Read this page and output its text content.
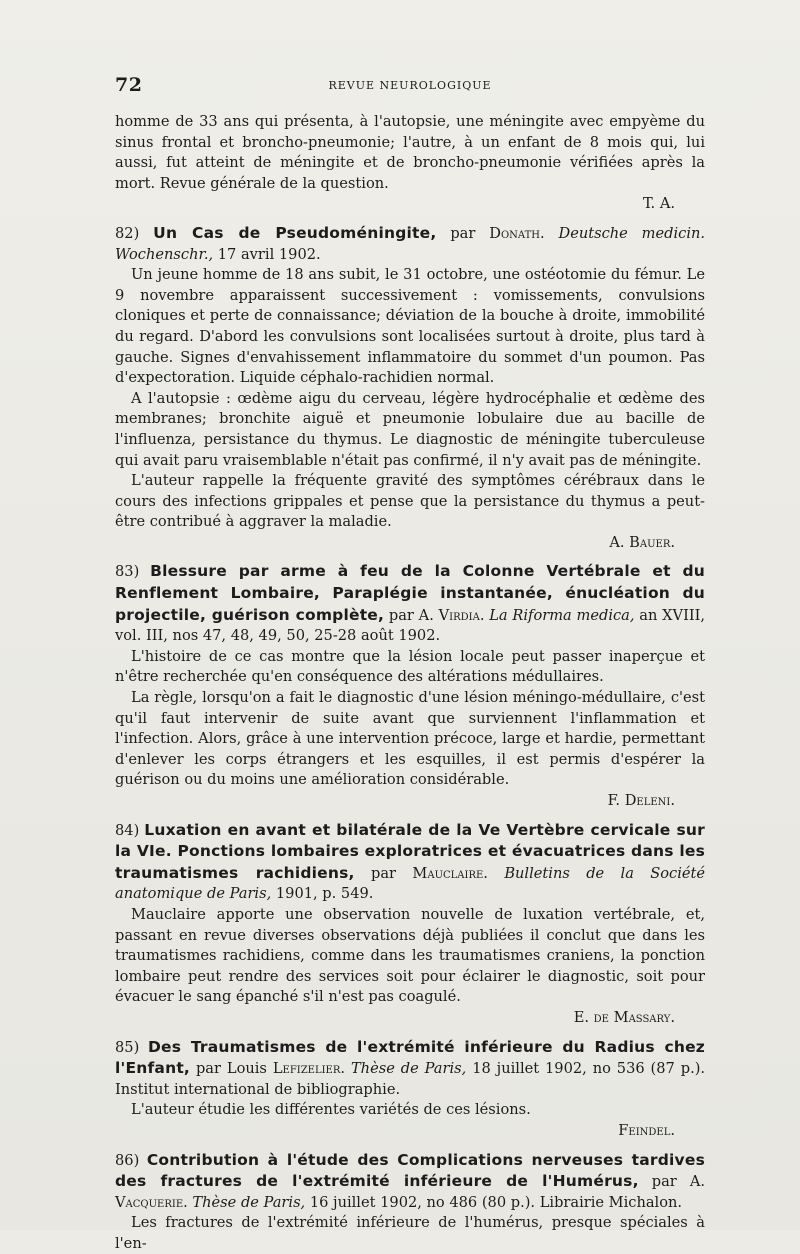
72	REVUE NEUROLOGIQUE

homme de 33 ans qui présenta, à l'autopsie, une méningite avec empyème du sinus frontal et broncho-pneumonie; l'autre, à un enfant de 8 mois qui, lui aussi, fut atteint de méningite et de broncho-pneumonie vérifiées après la mort. Revue générale de la question.

T. A.

82) Un Cas de Pseudoméningite, par Donath. Deutsche medicin. Wochenschr., 17 avril 1902.

Un jeune homme de 18 ans subit, le 31 octobre, une ostéotomie du fémur. Le 9 novembre apparaissent successivement : vomissements, convulsions cloniques et perte de connaissance; déviation de la bouche à droite, immobilité du regard. D'abord les convulsions sont localisées surtout à droite, plus tard à gauche. Signes d'envahissement inflammatoire du sommet d'un poumon. Pas d'expectoration. Liquide céphalo-rachidien normal.

A l'autopsie : œdème aigu du cerveau, légère hydrocéphalie et œdème des membranes; bronchite aiguë et pneumonie lobulaire due au bacille de l'influenza, persistance du thymus. Le diagnostic de méningite tuberculeuse qui avait paru vraisemblable n'était pas confirmé, il n'y avait pas de méningite.

L'auteur rappelle la fréquente gravité des symptômes cérébraux dans le cours des infections grippales et pense que la persistance du thymus a peut-être contribué à aggraver la maladie.

A. Bauer.

83) Blessure par arme à feu de la Colonne Vertébrale et du Renflement Lombaire, Paraplégie instantanée, énucléation du projectile, guérison complète, par A. Virdia. La Riforma medica, an XVIII, vol. III, nos 47, 48, 49, 50, 25-28 août 1902.

L'histoire de ce cas montre que la lésion locale peut passer inaperçue et n'être recherchée qu'en conséquence des altérations médullaires.

La règle, lorsqu'on a fait le diagnostic d'une lésion méningo-médullaire, c'est qu'il faut intervenir de suite avant que surviennent l'inflammation et l'infection. Alors, grâce à une intervention précoce, large et hardie, permettant d'enlever les corps étrangers et les esquilles, il est permis d'espérer la guérison ou du moins une amélioration considérable.

F. Deleni.

84) Luxation en avant et bilatérale de la Ve Vertèbre cervicale sur la VIe. Ponctions lombaires exploratrices et évacuatrices dans les traumatismes rachidiens, par Mauclaire. Bulletins de la Société anatomique de Paris, 1901, p. 549.

Mauclaire apporte une observation nouvelle de luxation vertébrale, et, passant en revue diverses observations déjà publiées il conclut que dans les traumatismes rachidiens, comme dans les traumatismes craniens, la ponction lombaire peut rendre des services soit pour éclairer le diagnostic, soit pour évacuer le sang épanché s'il n'est pas coagulé.

E. de Massary.

85) Des Traumatismes de l'extrémité inférieure du Radius chez l'Enfant, par Louis Lefizelier. Thèse de Paris, 18 juillet 1902, no 536 (87 p.). Institut international de bibliographie.

L'auteur étudie les différentes variétés de ces lésions.

Feindel.

86) Contribution à l'étude des Complications nerveuses tardives des fractures de l'extrémité inférieure de l'Humérus, par A. Vacquerie. Thèse de Paris, 16 juillet 1902, no 486 (80 p.). Librairie Michalon.

Les fractures de l'extrémité inférieure de l'humérus, presque spéciales à l'en-
